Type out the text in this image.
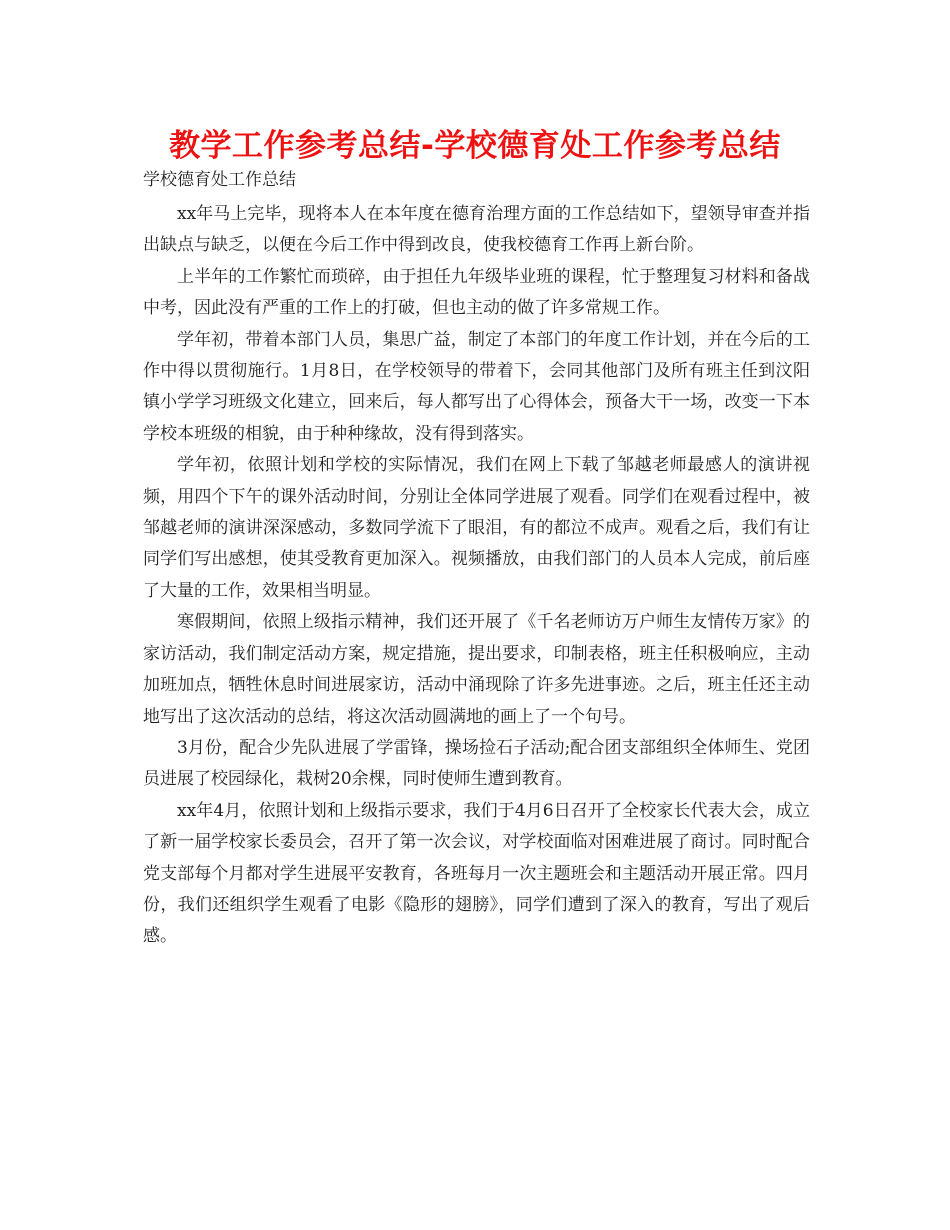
教学工作参考总结-学校德育处工作参考总结
学校德育处工作总结

xx年马上完毕，现将本人在本年度在德育治理方面的工作总结如下，望领导审查并指出缺点与缺乏，以便在今后工作中得到改良，使我校德育工作再上新台阶。

上半年的工作繁忙而琐碎，由于担任九年级毕业班的课程，忙于整理复习材料和备战中考，因此没有严重的工作上的打破，但也主动的做了许多常规工作。

学年初，带着本部门人员，集思广益，制定了本部门的年度工作计划，并在今后的工作中得以贯彻施行。1月8日，在学校领导的带着下，会同其他部门及所有班主任到汶阳镇小学学习班级文化建立，回来后，每人都写出了心得体会，预备大干一场，改变一下本学校本班级的相貌，由于种种缘故，没有得到落实。

学年初，依照计划和学校的实际情况，我们在网上下载了邹越老师最感人的演讲视频，用四个下午的课外活动时间，分别让全体同学进展了观看。同学们在观看过程中，被邹越老师的演讲深深感动，多数同学流下了眼泪，有的都泣不成声。观看之后，我们有让同学们写出感想，使其受教育更加深入。视频播放，由我们部门的人员本人完成，前后座了大量的工作，效果相当明显。

寒假期间，依照上级指示精神，我们还开展了《千名老师访万户师生友情传万家》的家访活动，我们制定活动方案，规定措施，提出要求，印制表格，班主任积极响应，主动加班加点，牺牲休息时间进展家访，活动中涌现除了许多先进事迹。之后，班主任还主动地写出了这次活动的总结，将这次活动圆满地的画上了一个句号。

3月份，配合少先队进展了学雷锋，操场捡石子活动;配合团支部组织全体师生、党团员进展了校园绿化，栽树20余棵，同时使师生遭到教育。

xx年4月，依照计划和上级指示要求，我们于4月6日召开了全校家长代表大会，成立了新一届学校家长委员会，召开了第一次会议，对学校面临对困难进展了商讨。同时配合党支部每个月都对学生进展平安教育，各班每月一次主题班会和主题活动开展正常。四月份，我们还组织学生观看了电影《隐形的翅膀》，同学们遭到了深入的教育，写出了观后感。
